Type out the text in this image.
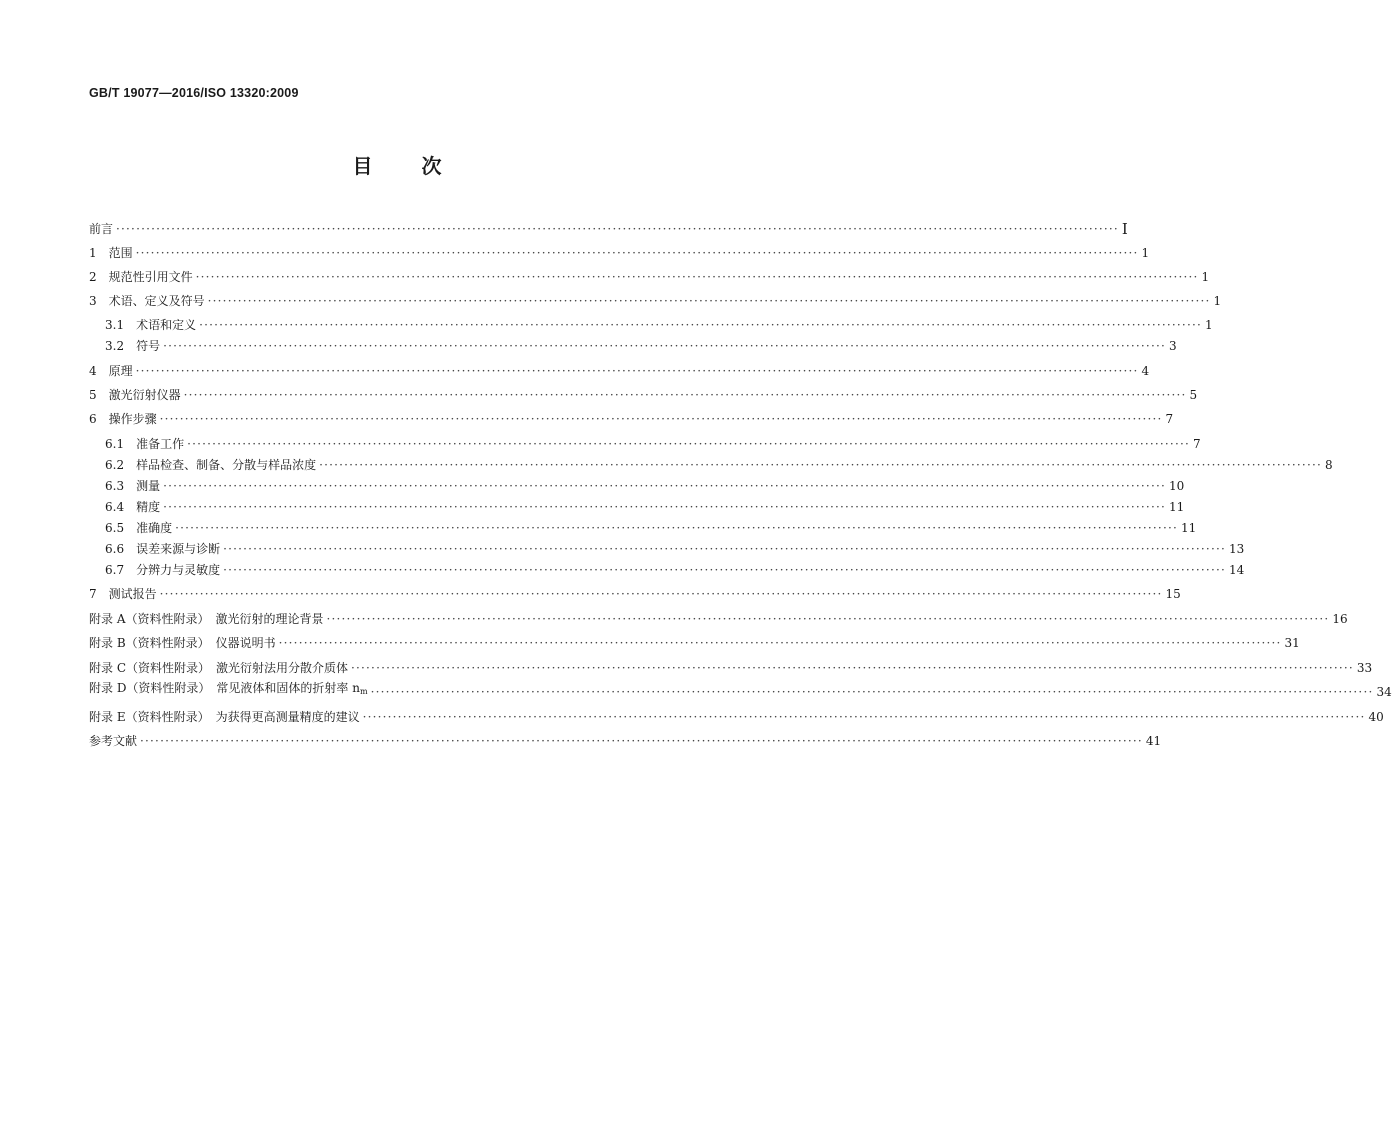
GB/T 19077—2016/ISO 13320:2009
目 次
前言 ········································································································································································································ Ⅰ
1　范围 ········································································································································································································ 1
2　规范性引用文件 ········································································································································································································ 1
3　术语、定义及符号 ········································································································································································································ 1
3.1　术语和定义 ········································································································································································································ 1
3.2　符号 ········································································································································································································ 3
4　原理 ········································································································································································································ 4
5　激光衍射仪器 ········································································································································································································ 5
6　操作步骤 ········································································································································································································ 7
6.1　准备工作 ········································································································································································································ 7
6.2　样品检查、制备、分散与样品浓度 ········································································································································································································ 8
6.3　测量 ········································································································································································································ 10
6.4　精度 ········································································································································································································ 11
6.5　准确度 ········································································································································································································ 11
6.6　误差来源与诊断 ········································································································································································································ 13
6.7　分辨力与灵敏度 ········································································································································································································ 14
7　测试报告 ········································································································································································································ 15
附录 A（资料性附录）　激光衍射的理论背景 ········································································································································································································ 16
附录 B（资料性附录）　仪器说明书 ········································································································································································································ 31
附录 C（资料性附录）　激光衍射法用分散介质体 ········································································································································································································ 33
附录 D（资料性附录）　常见液体和固体的折射率 $n_m$ ········································································································································································································ 34
附录 E（资料性附录）　为获得更高测量精度的建议 ········································································································································································································ 40
参考文献 ········································································································································································································ 41
